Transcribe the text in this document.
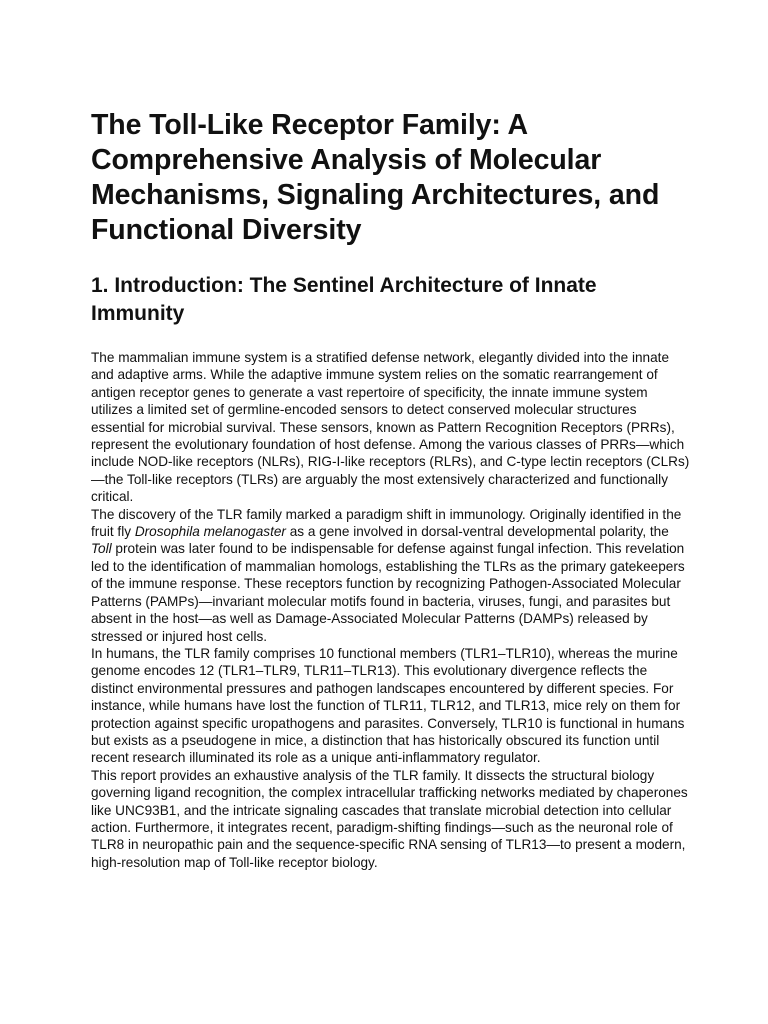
The Toll-Like Receptor Family: A Comprehensive Analysis of Molecular Mechanisms, Signaling Architectures, and Functional Diversity
1. Introduction: The Sentinel Architecture of Innate Immunity

The mammalian immune system is a stratified defense network, elegantly divided into the innate and adaptive arms. While the adaptive immune system relies on the somatic rearrangement of antigen receptor genes to generate a vast repertoire of specificity, the innate immune system utilizes a limited set of germline-encoded sensors to detect conserved molecular structures essential for microbial survival. These sensors, known as Pattern Recognition Receptors (PRRs), represent the evolutionary foundation of host defense. Among the various classes of PRRs—which include NOD-like receptors (NLRs), RIG-I-like receptors (RLRs), and C-type lectin receptors (CLRs)—the Toll-like receptors (TLRs) are arguably the most extensively characterized and functionally critical.

The discovery of the TLR family marked a paradigm shift in immunology. Originally identified in the fruit fly Drosophila melanogaster as a gene involved in dorsal-ventral developmental polarity, the Toll protein was later found to be indispensable for defense against fungal infection. This revelation led to the identification of mammalian homologs, establishing the TLRs as the primary gatekeepers of the immune response. These receptors function by recognizing Pathogen-Associated Molecular Patterns (PAMPs)—invariant molecular motifs found in bacteria, viruses, fungi, and parasites but absent in the host—as well as Damage-Associated Molecular Patterns (DAMPs) released by stressed or injured host cells.

In humans, the TLR family comprises 10 functional members (TLR1–TLR10), whereas the murine genome encodes 12 (TLR1–TLR9, TLR11–TLR13). This evolutionary divergence reflects the distinct environmental pressures and pathogen landscapes encountered by different species. For instance, while humans have lost the function of TLR11, TLR12, and TLR13, mice rely on them for protection against specific uropathogens and parasites. Conversely, TLR10 is functional in humans but exists as a pseudogene in mice, a distinction that has historically obscured its function until recent research illuminated its role as a unique anti-inflammatory regulator.

This report provides an exhaustive analysis of the TLR family. It dissects the structural biology governing ligand recognition, the complex intracellular trafficking networks mediated by chaperones like UNC93B1, and the intricate signaling cascades that translate microbial detection into cellular action. Furthermore, it integrates recent, paradigm-shifting findings—such as the neuronal role of TLR8 in neuropathic pain and the sequence-specific RNA sensing of TLR13—to present a modern, high-resolution map of Toll-like receptor biology.
